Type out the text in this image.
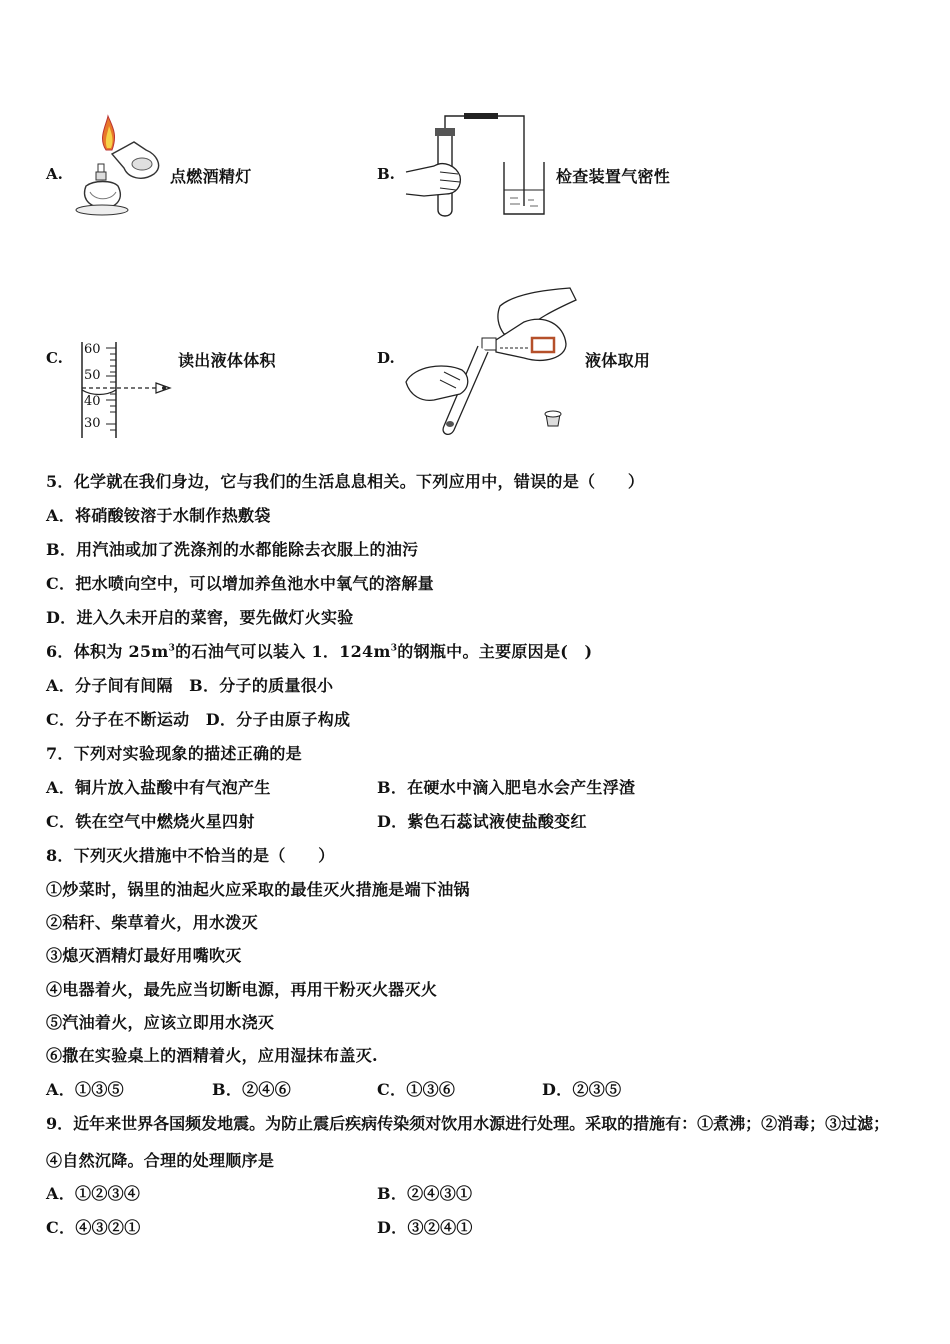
A.	点燃酒精灯	B.	检查装置气密性
C. 60
50
40
30
读出液体体积	D.	液体取用
5．化学就在我们身边，它与我们的生活息息相关。下列应用中，错误的是（　　）
A．将硝酸铵溶于水制作热敷袋
B．用汽油或加了洗涤剂的水都能除去衣服上的油污
C．把水喷向空中，可以增加养鱼池水中氧气的溶解量
D．进入久未开启的菜窖，要先做灯火实验
6．体积为 $25m^3$的石油气可以装入 1．$124m^3$的钢瓶中。主要原因是(　)
A．分子间有间隔　B．分子的质量很小
C．分子在不断运动　D．分子由原子构成
7．下列对实验现象的描述正确的是
A．铜片放入盐酸中有气泡产生	B．在硬水中滴入肥皂水会产生浮渣
C．铁在空气中燃烧火星四射	D．紫色石蕊试液使盐酸变红
8．下列灭火措施中不恰当的是（　　）
①炒菜时，锅里的油起火应采取的最佳灭火措施是端下油锅
②秸秆、柴草着火，用水泼灭
③熄灭酒精灯最好用嘴吹灭
④电器着火，最先应当切断电源，再用干粉灭火器灭火
⑤汽油着火，应该立即用水浇灭
⑥撒在实验桌上的酒精着火，应用湿抹布盖灭.
A．①③⑤	B．②④⑥	C．①③⑥	D．②③⑤
9．近年来世界各国频发地震。为防止震后疾病传染须对饮用水源进行处理。采取的措施有：①煮沸；②消毒；③过滤；
④自然沉降。合理的处理顺序是
A．①②③④	B．②④③①
C．④③②①	D．③②④①
